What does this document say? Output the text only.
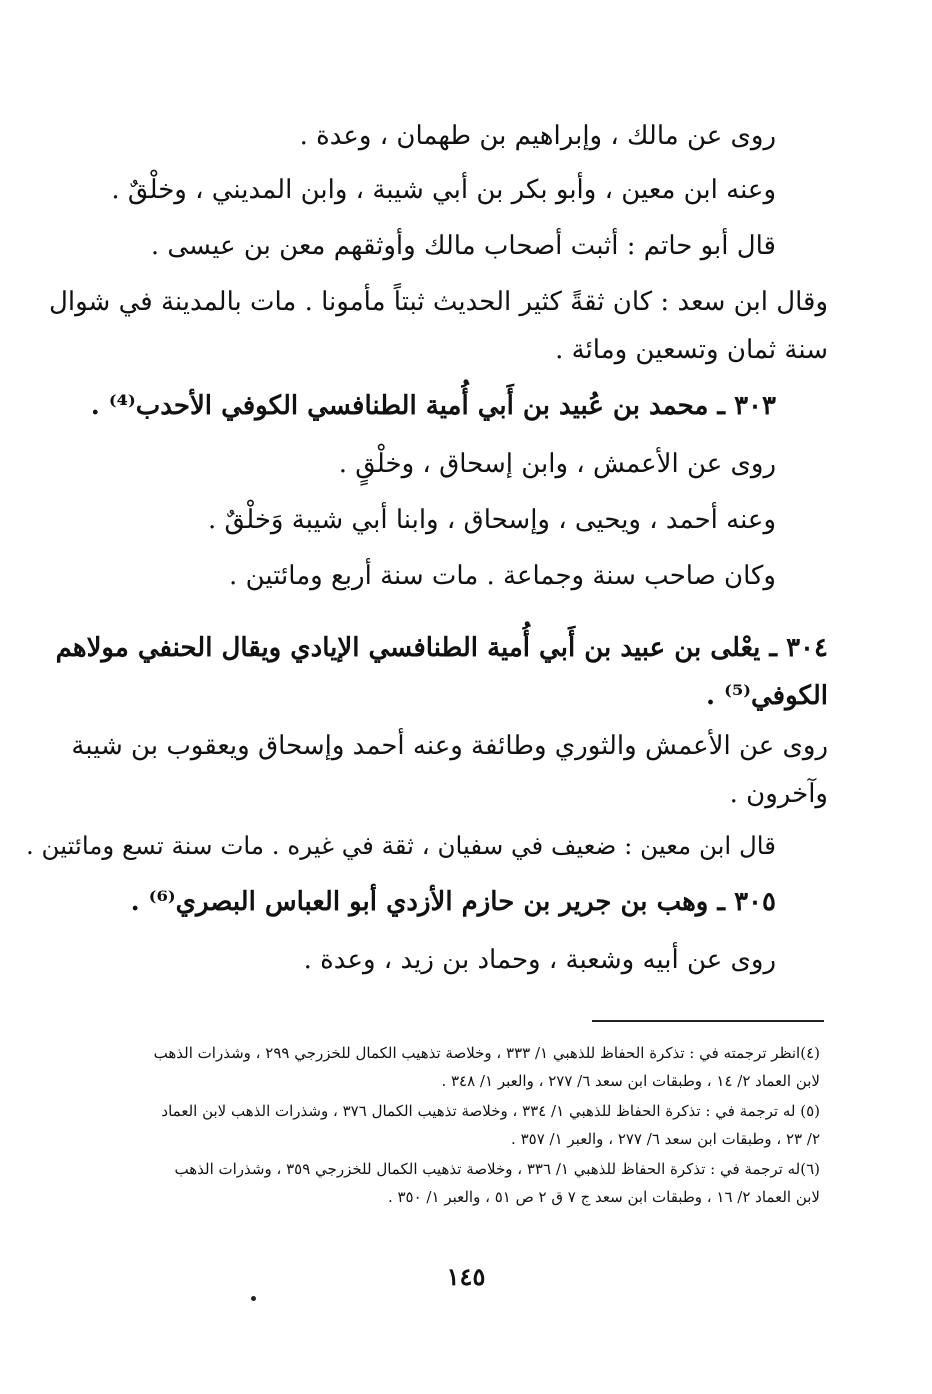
روى عن مالك ، وإبراهيم بن طهمان ، وعدة .

وعنه ابن معين ، وأبو بكر بن أبي شيبة ، وابن المديني ، وخلْقٌ .

قال أبو حاتم : أثبت أصحاب مالك وأوثقهم معن بن عيسى .

وقال ابن سعد : كان ثقةً كثير الحديث ثبتاً مأمونا . مات بالمدينة في شوال

سنة ثمان وتسعين ومائة .

٣٠٣ ـ محمد بن عُبيد بن أَبي أُمية الطنافسي الكوفي الأحدب⁽⁴⁾ .

روى عن الأعمش ، وابن إسحاق ، وخلْقٍ .

وعنه أحمد ، ويحيى ، وإسحاق ، وابنا أبي شيبة وَخلْقٌ .

وكان صاحب سنة وجماعة . مات سنة أربع ومائتين .

٣٠٤ ـ يعْلى بن عبيد بن أَبي أُمية الطنافسي الإيادي ويقال الحنفي مولاهم

الكوفي⁽⁵⁾ .

روى عن الأعمش والثوري وطائفة وعنه أحمد وإسحاق ويعقوب بن شيبة

وآخرون .

قال ابن معين : ضعيف في سفيان ، ثقة في غيره . مات سنة تسع ومائتين .

٣٠٥ ـ وهب بن جرير بن حازم الأزدي أبو العباس البصري⁽⁶⁾ .

روى عن أبيه وشعبة ، وحماد بن زيد ، وعدة .

(٤)انظر ترجمته في : تذكرة الحفاظ للذهبي ١/ ٣٣٣ ، وخلاصة تذهيب الكمال للخزرجي ٢٩٩ ، وشذرات الذهب

لابن العماد ٢/ ١٤ ، وطبقات ابن سعد ٦/ ٢٧٧ ، والعبر ١/ ٣٤٨ .

(٥) له ترجمة في : تذكرة الحفاظ للذهبي ١/ ٣٣٤ ، وخلاصة تذهيب الكمال ٣٧٦ ، وشذرات الذهب لابن العماد

٢/ ٢٣ ، وطبقات ابن سعد ٦/ ٢٧٧ ، والعبر ١/ ٣٥٧ .

(٦)له ترجمة في : تذكرة الحفاظ للذهبي ١/ ٣٣٦ ، وخلاصة تذهيب الكمال للخزرجي ٣٥٩ ، وشذرات الذهب

لابن العماد ٢/ ١٦ ، وطبقات ابن سعد ج ٧ ق ٢ ص ٥١ ، والعبر ١/ ٣٥٠ .

١٤٥
